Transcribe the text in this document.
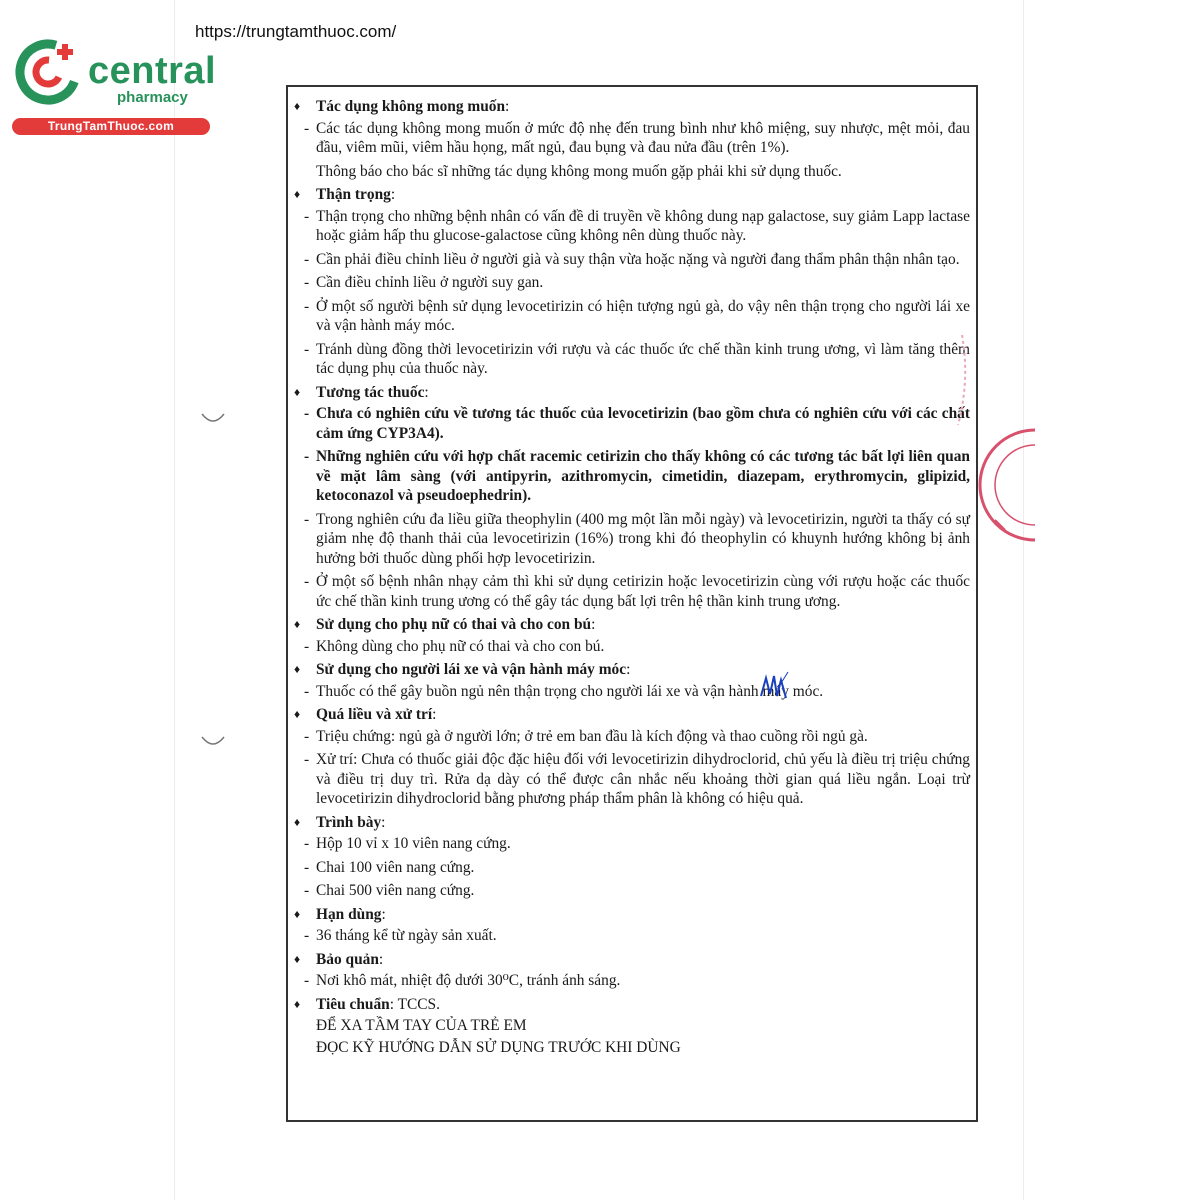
central
pharmacy
TrungTamThuoc.com
https://trungtamthuoc.com/
♦ Tác dụng không mong muốn:
- Các tác dụng không mong muốn ở mức độ nhẹ đến trung bình như khô miệng, suy nhược, mệt mỏi, đau đầu, viêm mũi, viêm hầu họng, mất ngủ, đau bụng và đau nửa đầu (trên 1%).
Thông báo cho bác sĩ những tác dụng không mong muốn gặp phải khi sử dụng thuốc.
♦ Thận trọng:
- Thận trọng cho những bệnh nhân có vấn đề di truyền về không dung nạp galactose, suy giảm Lapp lactase hoặc giảm hấp thu glucose-galactose cũng không nên dùng thuốc này.
- Cần phải điều chỉnh liều ở người già và suy thận vừa hoặc nặng và người đang thẩm phân thận nhân tạo.
- Cần điều chỉnh liều ở người suy gan.
- Ở một số người bệnh sử dụng levocetirizin có hiện tượng ngủ gà, do vậy nên thận trọng cho người lái xe và vận hành máy móc.
- Tránh dùng đồng thời levocetirizin với rượu và các thuốc ức chế thần kinh trung ương, vì làm tăng thêm tác dụng phụ của thuốc này.
♦ Tương tác thuốc:
- Chưa có nghiên cứu về tương tác thuốc của levocetirizin (bao gồm chưa có nghiên cứu với các chất cảm ứng CYP3A4).
- Những nghiên cứu với hợp chất racemic cetirizin cho thấy không có các tương tác bất lợi liên quan về mặt lâm sàng (với antipyrin, azithromycin, cimetidin, diazepam, erythromycin, glipizid, ketoconazol và pseudoephedrin).
- Trong nghiên cứu đa liều giữa theophylin (400 mg một lần mỗi ngày) và levocetirizin, người ta thấy có sự giảm nhẹ độ thanh thải của levocetirizin (16%) trong khi đó theophylin có khuynh hướng không bị ảnh hưởng bởi thuốc dùng phối hợp levocetirizin.
- Ở một số bệnh nhân nhạy cảm thì khi sử dụng cetirizin hoặc levocetirizin cùng với rượu hoặc các thuốc ức chế thần kinh trung ương có thể gây tác dụng bất lợi trên hệ thần kinh trung ương.
♦ Sử dụng cho phụ nữ có thai và cho con bú:
- Không dùng cho phụ nữ có thai và cho con bú.
♦ Sử dụng cho người lái xe và vận hành máy móc:
- Thuốc có thể gây buồn ngủ nên thận trọng cho người lái xe và vận hành máy móc.
♦ Quá liều và xử trí:
- Triệu chứng: ngủ gà ở người lớn; ở trẻ em ban đầu là kích động và thao cuồng rồi ngủ gà.
- Xử trí: Chưa có thuốc giải độc đặc hiệu đối với levocetirizin dihydroclorid, chủ yếu là điều trị triệu chứng và điều trị duy trì. Rửa dạ dày có thể được cân nhắc nếu khoảng thời gian quá liều ngắn. Loại trừ levocetirizin dihydroclorid bằng phương pháp thẩm phân là không có hiệu quả.
♦ Trình bày:
- Hộp 10 vỉ x 10 viên nang cứng.
- Chai 100 viên nang cứng.
- Chai 500 viên nang cứng.
♦ Hạn dùng:
- 36 tháng kể từ ngày sản xuất.
♦ Bảo quản:
- Nơi khô mát, nhiệt độ dưới 30⁰C, tránh ánh sáng.
♦ Tiêu chuẩn: TCCS.
ĐỂ XA TẦM TAY CỦA TRẺ EM
ĐỌC KỸ HƯỚNG DẪN SỬ DỤNG TRƯỚC KHI DÙNG
